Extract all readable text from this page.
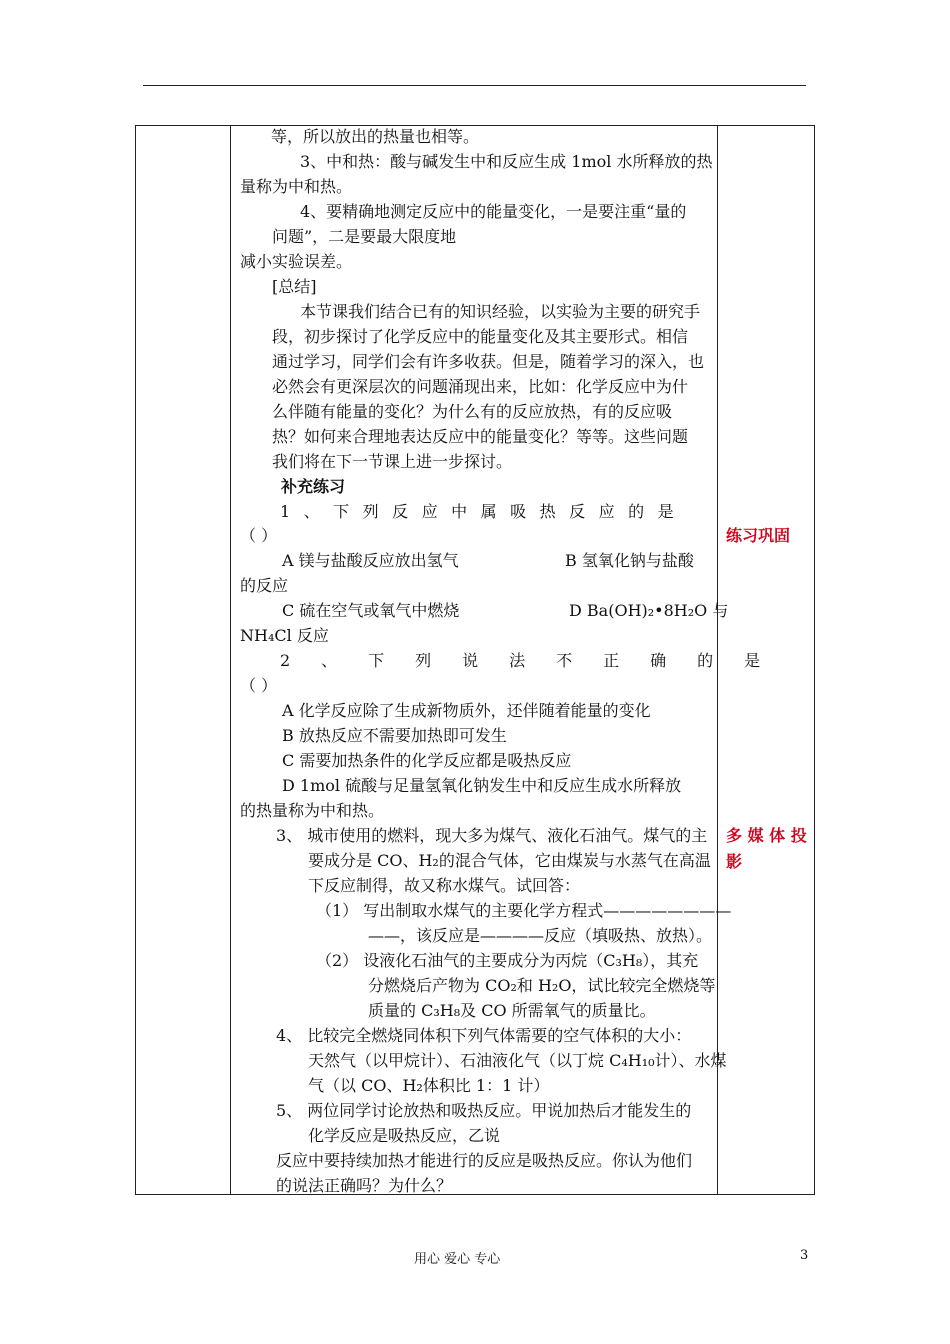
等，所以放出的热量也相等。
3、中和热：酸与碱发生中和反应生成 1mol 水所释放的热
量称为中和热。
4、要精确地测定反应中的能量变化，一是要注重“量的
问题”，二是要最大限度地
减小实验误差。
[总结]
本节课我们结合已有的知识经验，以实验为主要的研究手
段，初步探讨了化学反应中的能量变化及其主要形式。相信
通过学习，同学们会有许多收获。但是，随着学习的深入，也
必然会有更深层次的问题涌现出来，比如：化学反应中为什
么伴随有能量的变化？为什么有的反应放热，有的反应吸
热？如何来合理地表达反应中的能量变化？等等。这些问题
我们将在下一节课上进一步探讨。
补充练习
1、下列反应中属吸热反应的是
（ ）
A 镁与盐酸反应放出氢气	B 氢氧化钠与盐酸
的反应
C 硫在空气或氧气中燃烧	D Ba(OH)₂•8H₂O 与
NH₄Cl 反应
2、下列说法不正确的是
（ ）
A 化学反应除了生成新物质外，还伴随着能量的变化
B 放热反应不需要加热即可发生
C 需要加热条件的化学反应都是吸热反应
D 1mol 硫酸与足量氢氧化钠发生中和反应生成水所释放
的热量称为中和热。
3、 城市使用的燃料，现大多为煤气、液化石油气。煤气的主
要成分是 CO、H₂的混合气体，它由煤炭与水蒸气在高温
下反应制得，故又称水煤气。试回答：
（1） 写出制取水煤气的主要化学方程式————————
——，该反应是————反应（填吸热、放热）。
（2） 设液化石油气的主要成分为丙烷（C₃H₈），其充
分燃烧后产物为 CO₂和 H₂O，试比较完全燃烧等
质量的 C₃H₈及 CO 所需氧气的质量比。
4、 比较完全燃烧同体积下列气体需要的空气体积的大小：
天然气（以甲烷计）、石油液化气（以丁烷 C₄H₁₀计）、水煤
气（以 CO、H₂体积比 1：1 计）
5、 两位同学讨论放热和吸热反应。甲说加热后才能发生的
化学反应是吸热反应，乙说
反应中要持续加热才能进行的反应是吸热反应。你认为他们
的说法正确吗？为什么？
练习巩固
多 媒 体 投
影
用心 爱心 专心	3
